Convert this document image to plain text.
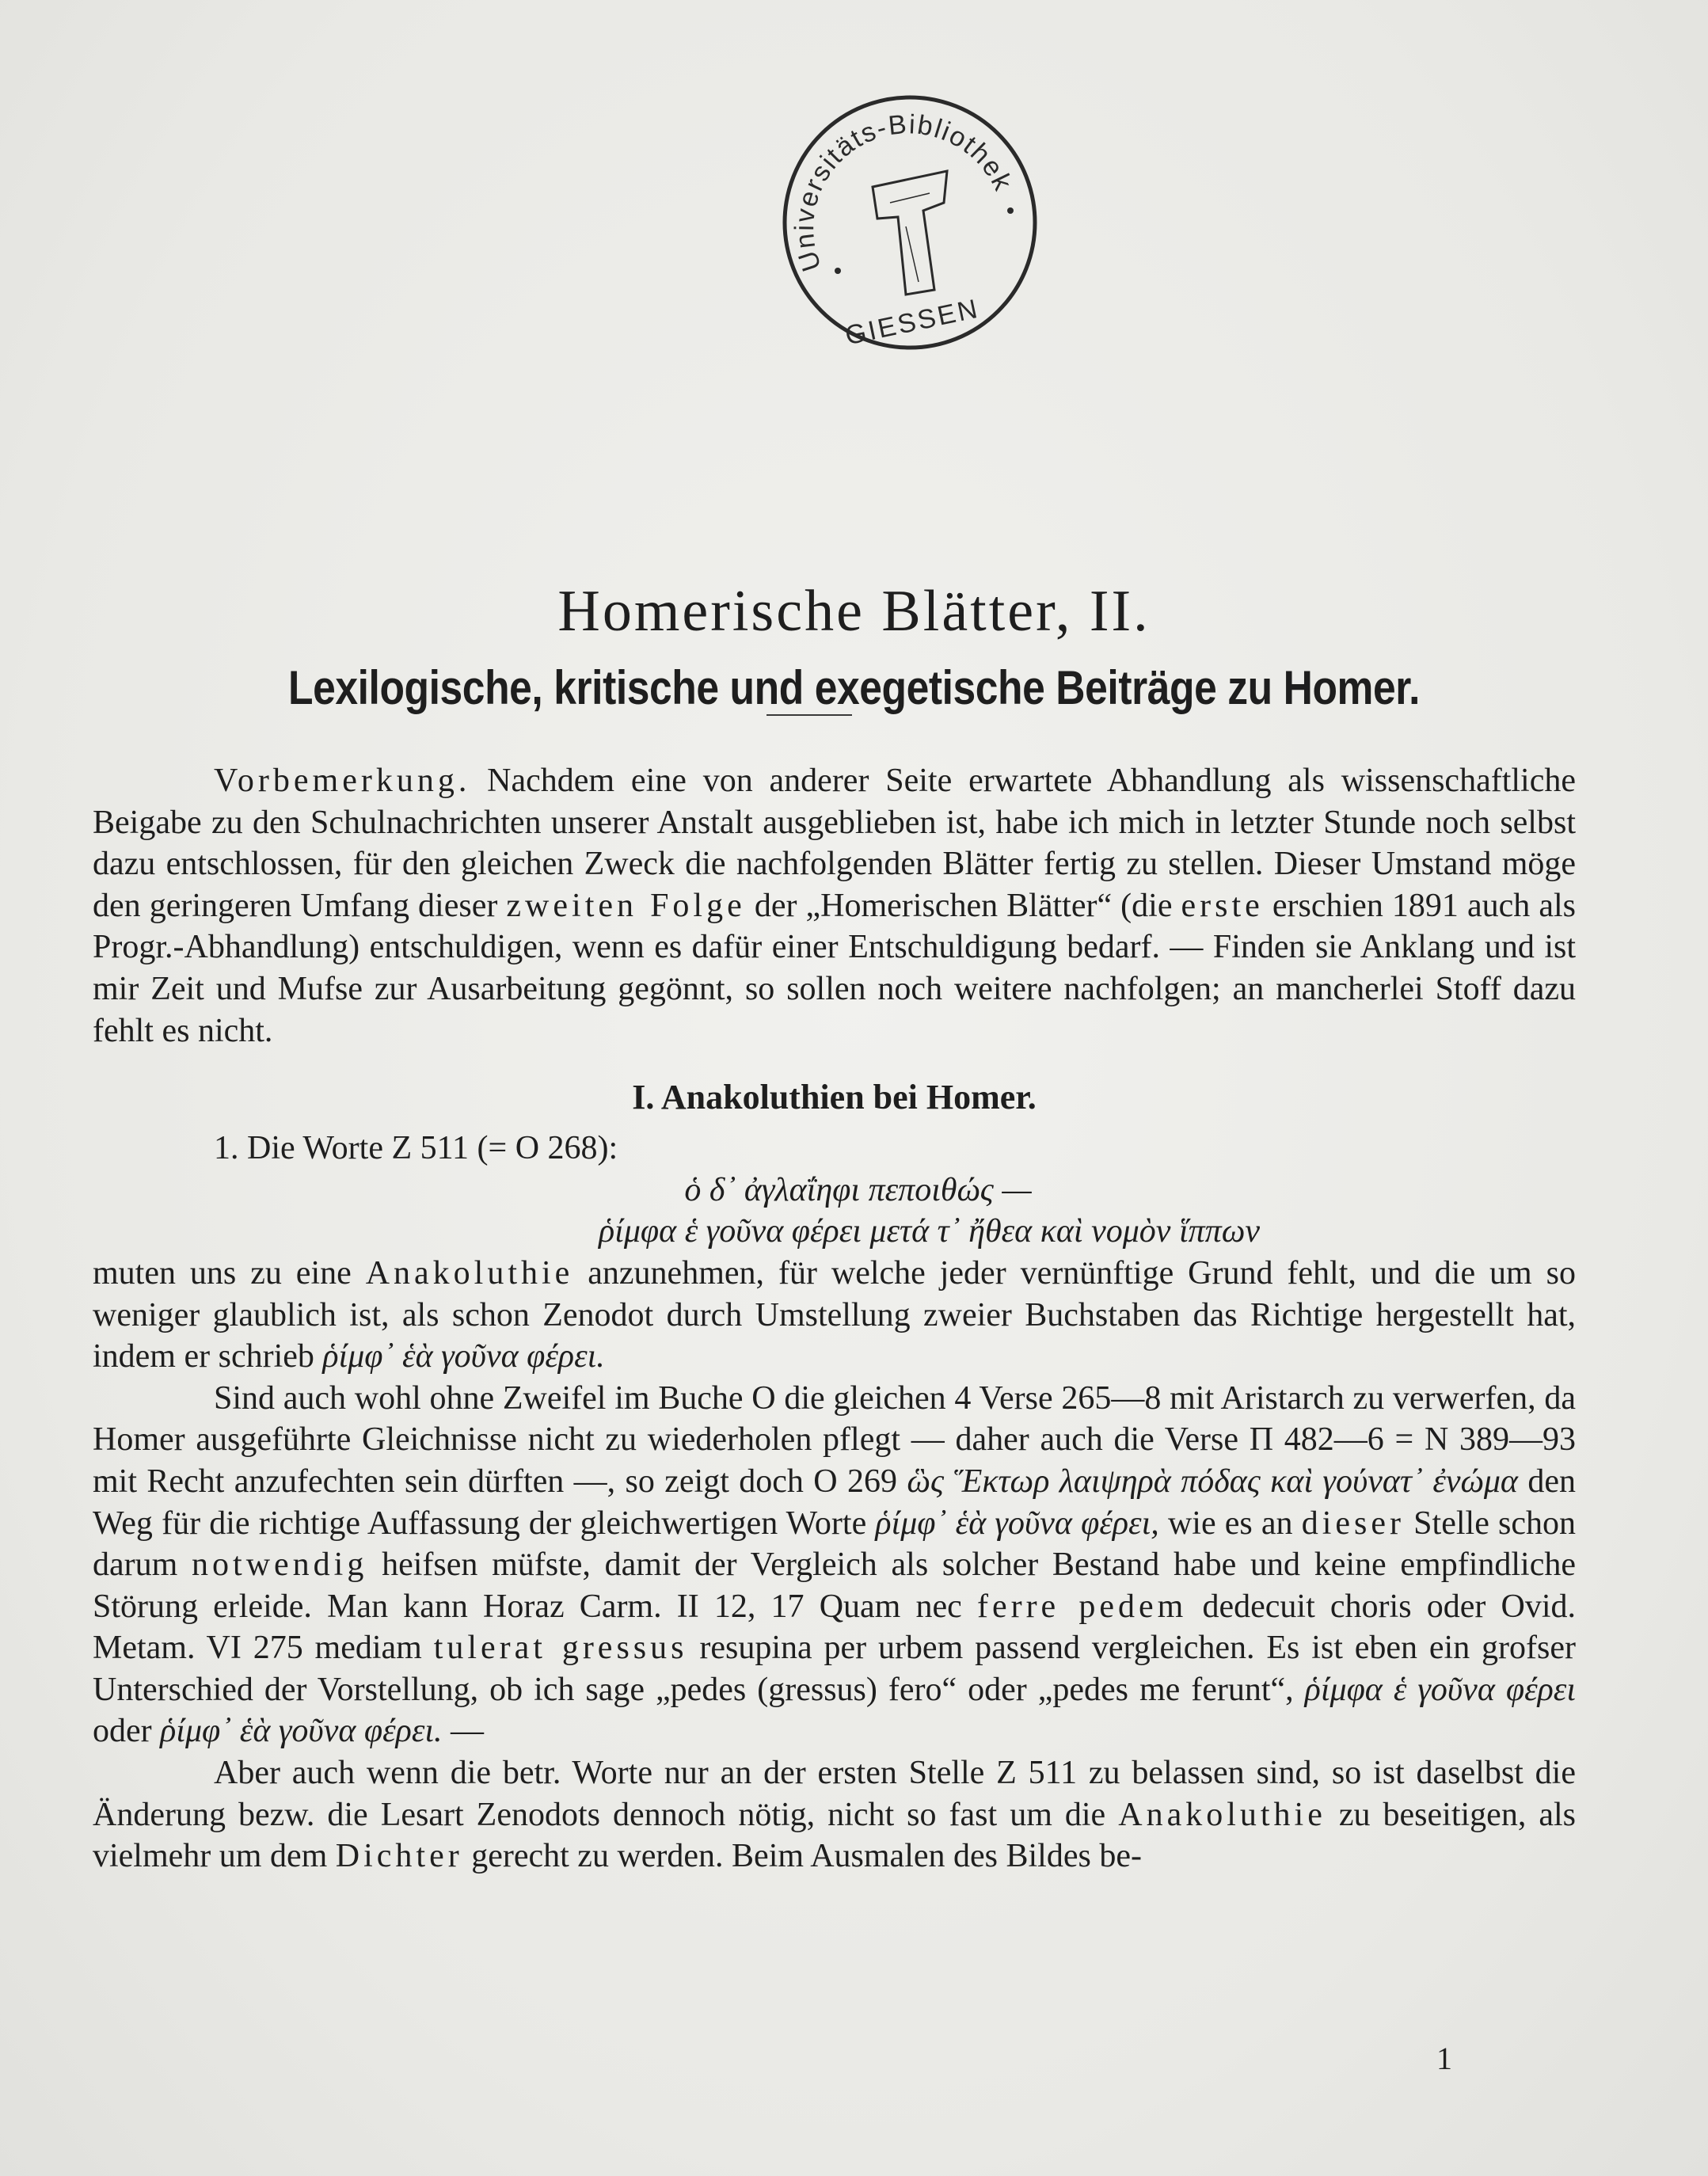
Universitäts-Bibliothek
GIESSEN
Homerische Blätter, II.
Lexilogische, kritische und exegetische Beiträge zu Homer.

Vorbemerkung. Nachdem eine von anderer Seite erwartete Abhandlung als wissenschaftliche Beigabe zu den Schulnachrichten unserer Anstalt ausgeblieben ist, habe ich mich in letzter Stunde noch selbst dazu entschlossen, für den gleichen Zweck die nachfolgenden Blätter fertig zu stellen. Dieser Umstand möge den geringeren Umfang dieser zweiten Folge der „Homerischen Blätter“ (die erste erschien 1891 auch als Progr.-Abhandlung) entschuldigen, wenn es dafür einer Entschuldigung bedarf. — Finden sie Anklang und ist mir Zeit und Mufse zur Ausarbeitung gegönnt, so sollen noch weitere nachfolgen; an mancherlei Stoff dazu fehlt es nicht.

I. Anakoluthien bei Homer.

1. Die Worte Z 511 (= O 268):

ὁ δ᾽ ἀγλαΐηφι πεποιθώς —

ῥίμφα ἑ γοῦνα φέρει μετά τ᾽ ἤθεα καὶ νομὸν ἵππων

muten uns zu eine Anakoluthie anzunehmen, für welche jeder vernünftige Grund fehlt, und die um so weniger glaublich ist, als schon Zenodot durch Umstellung zweier Buchstaben das Richtige hergestellt hat, indem er schrieb ῥίμφ᾽ ἑὰ γοῦνα φέρει.

Sind auch wohl ohne Zweifel im Buche O die gleichen 4 Verse 265—8 mit Aristarch zu verwerfen, da Homer ausgeführte Gleichnisse nicht zu wiederholen pflegt — daher auch die Verse Π 482—6 = Ν 389—93 mit Recht anzufechten sein dürften —, so zeigt doch O 269 ὣς Ἕκτωρ λαιψηρὰ πόδας καὶ γούνατ᾽ ἐνώμα den Weg für die richtige Auffassung der gleichwertigen Worte ῥίμφ᾽ ἑὰ γοῦνα φέρει, wie es an dieser Stelle schon darum notwendig heifsen müfste, damit der Vergleich als solcher Bestand habe und keine empfindliche Störung erleide. Man kann Horaz Carm. II 12, 17 Quam nec ferre pedem dedecuit choris oder Ovid. Metam. VI 275 mediam tulerat gressus resupina per urbem passend vergleichen. Es ist eben ein grofser Unterschied der Vorstellung, ob ich sage „pedes (gressus) fero“ oder „pedes me ferunt“, ῥίμφα ἑ γοῦνα φέρει oder ῥίμφ᾽ ἑὰ γοῦνα φέρει. —

Aber auch wenn die betr. Worte nur an der ersten Stelle Z 511 zu belassen sind, so ist daselbst die Änderung bezw. die Lesart Zenodots dennoch nötig, nicht so fast um die Anakoluthie zu beseitigen, als vielmehr um dem Dichter gerecht zu werden. Beim Ausmalen des Bildes be-

1
